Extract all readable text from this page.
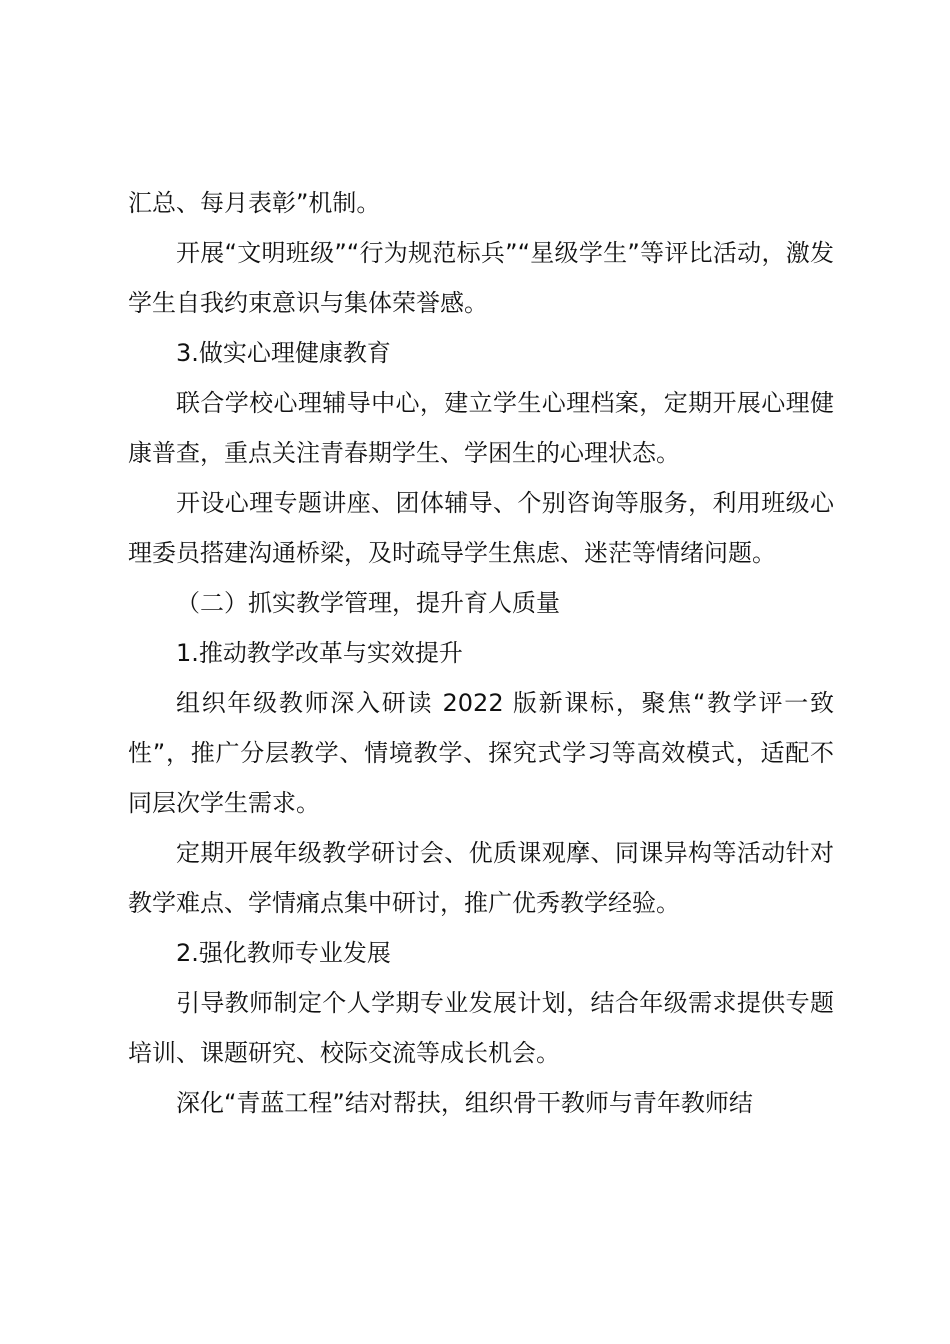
汇总、每月表彰”机制。

开展“文明班级”“行为规范标兵”“星级学生”等评比活动，激发学生自我约束意识与集体荣誉感。

3.做实心理健康教育

联合学校心理辅导中心，建立学生心理档案，定期开展心理健康普查，重点关注青春期学生、学困生的心理状态。

开设心理专题讲座、团体辅导、个别咨询等服务，利用班级心理委员搭建沟通桥梁，及时疏导学生焦虑、迷茫等情绪问题。

（二）抓实教学管理，提升育人质量

1.推动教学改革与实效提升

组织年级教师深入研读 2022 版新课标，聚焦“教学评一致性”，推广分层教学、情境教学、探究式学习等高效模式，适配不同层次学生需求。

定期开展年级教学研讨会、优质课观摩、同课异构等活动针对教学难点、学情痛点集中研讨，推广优秀教学经验。

2.强化教师专业发展

引导教师制定个人学期专业发展计划，结合年级需求提供专题培训、课题研究、校际交流等成长机会。

深化“青蓝工程”结对帮扶，组织骨干教师与青年教师结
